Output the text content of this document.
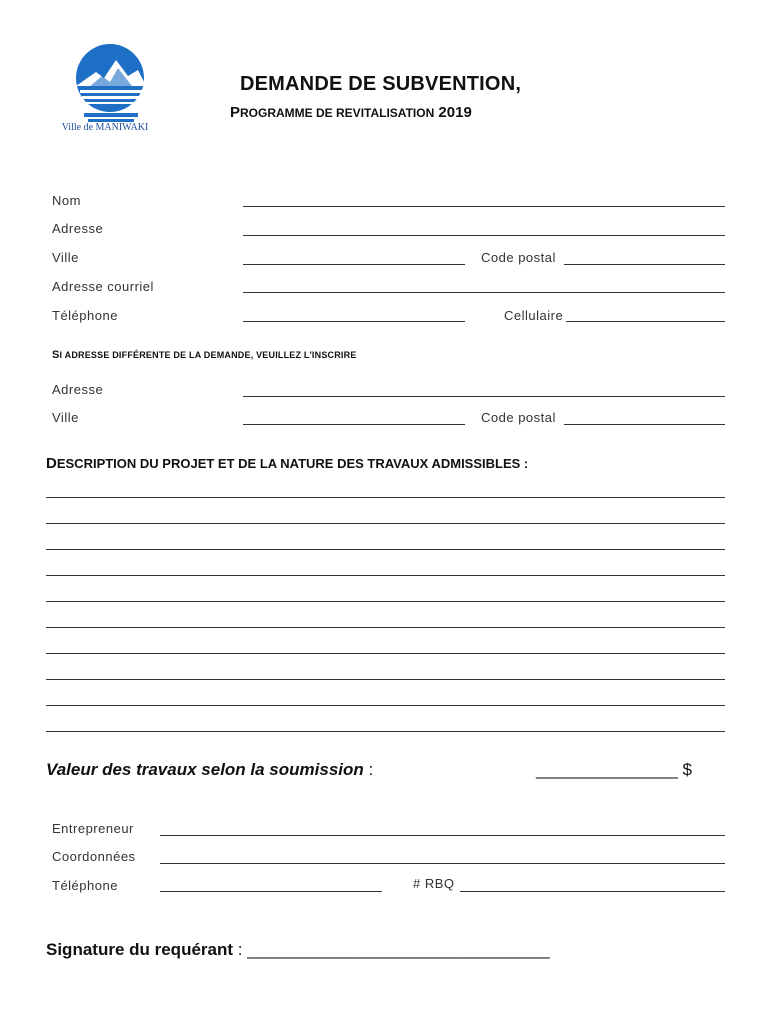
Ville de MANIWAKI
DEMANDE DE SUBVENTION,
PROGRAMME DE REVITALISATION 2019
Nom
Adresse
Ville	Code postal
Adresse courriel
Téléphone	Cellulaire
SI ADRESSE DIFFÉRENTE DE LA DEMANDE, VEUILLEZ L'INSCRIRE
Adresse
Ville	Code postal
DESCRIPTION DU PROJET ET DE LA NATURE DES TRAVAUX ADMISSIBLES :
Valeur des travaux selon la soumission :	_______________ $
Entrepreneur
Coordonnées
Téléphone	# RBQ
Signature du requérant : ________________________________
